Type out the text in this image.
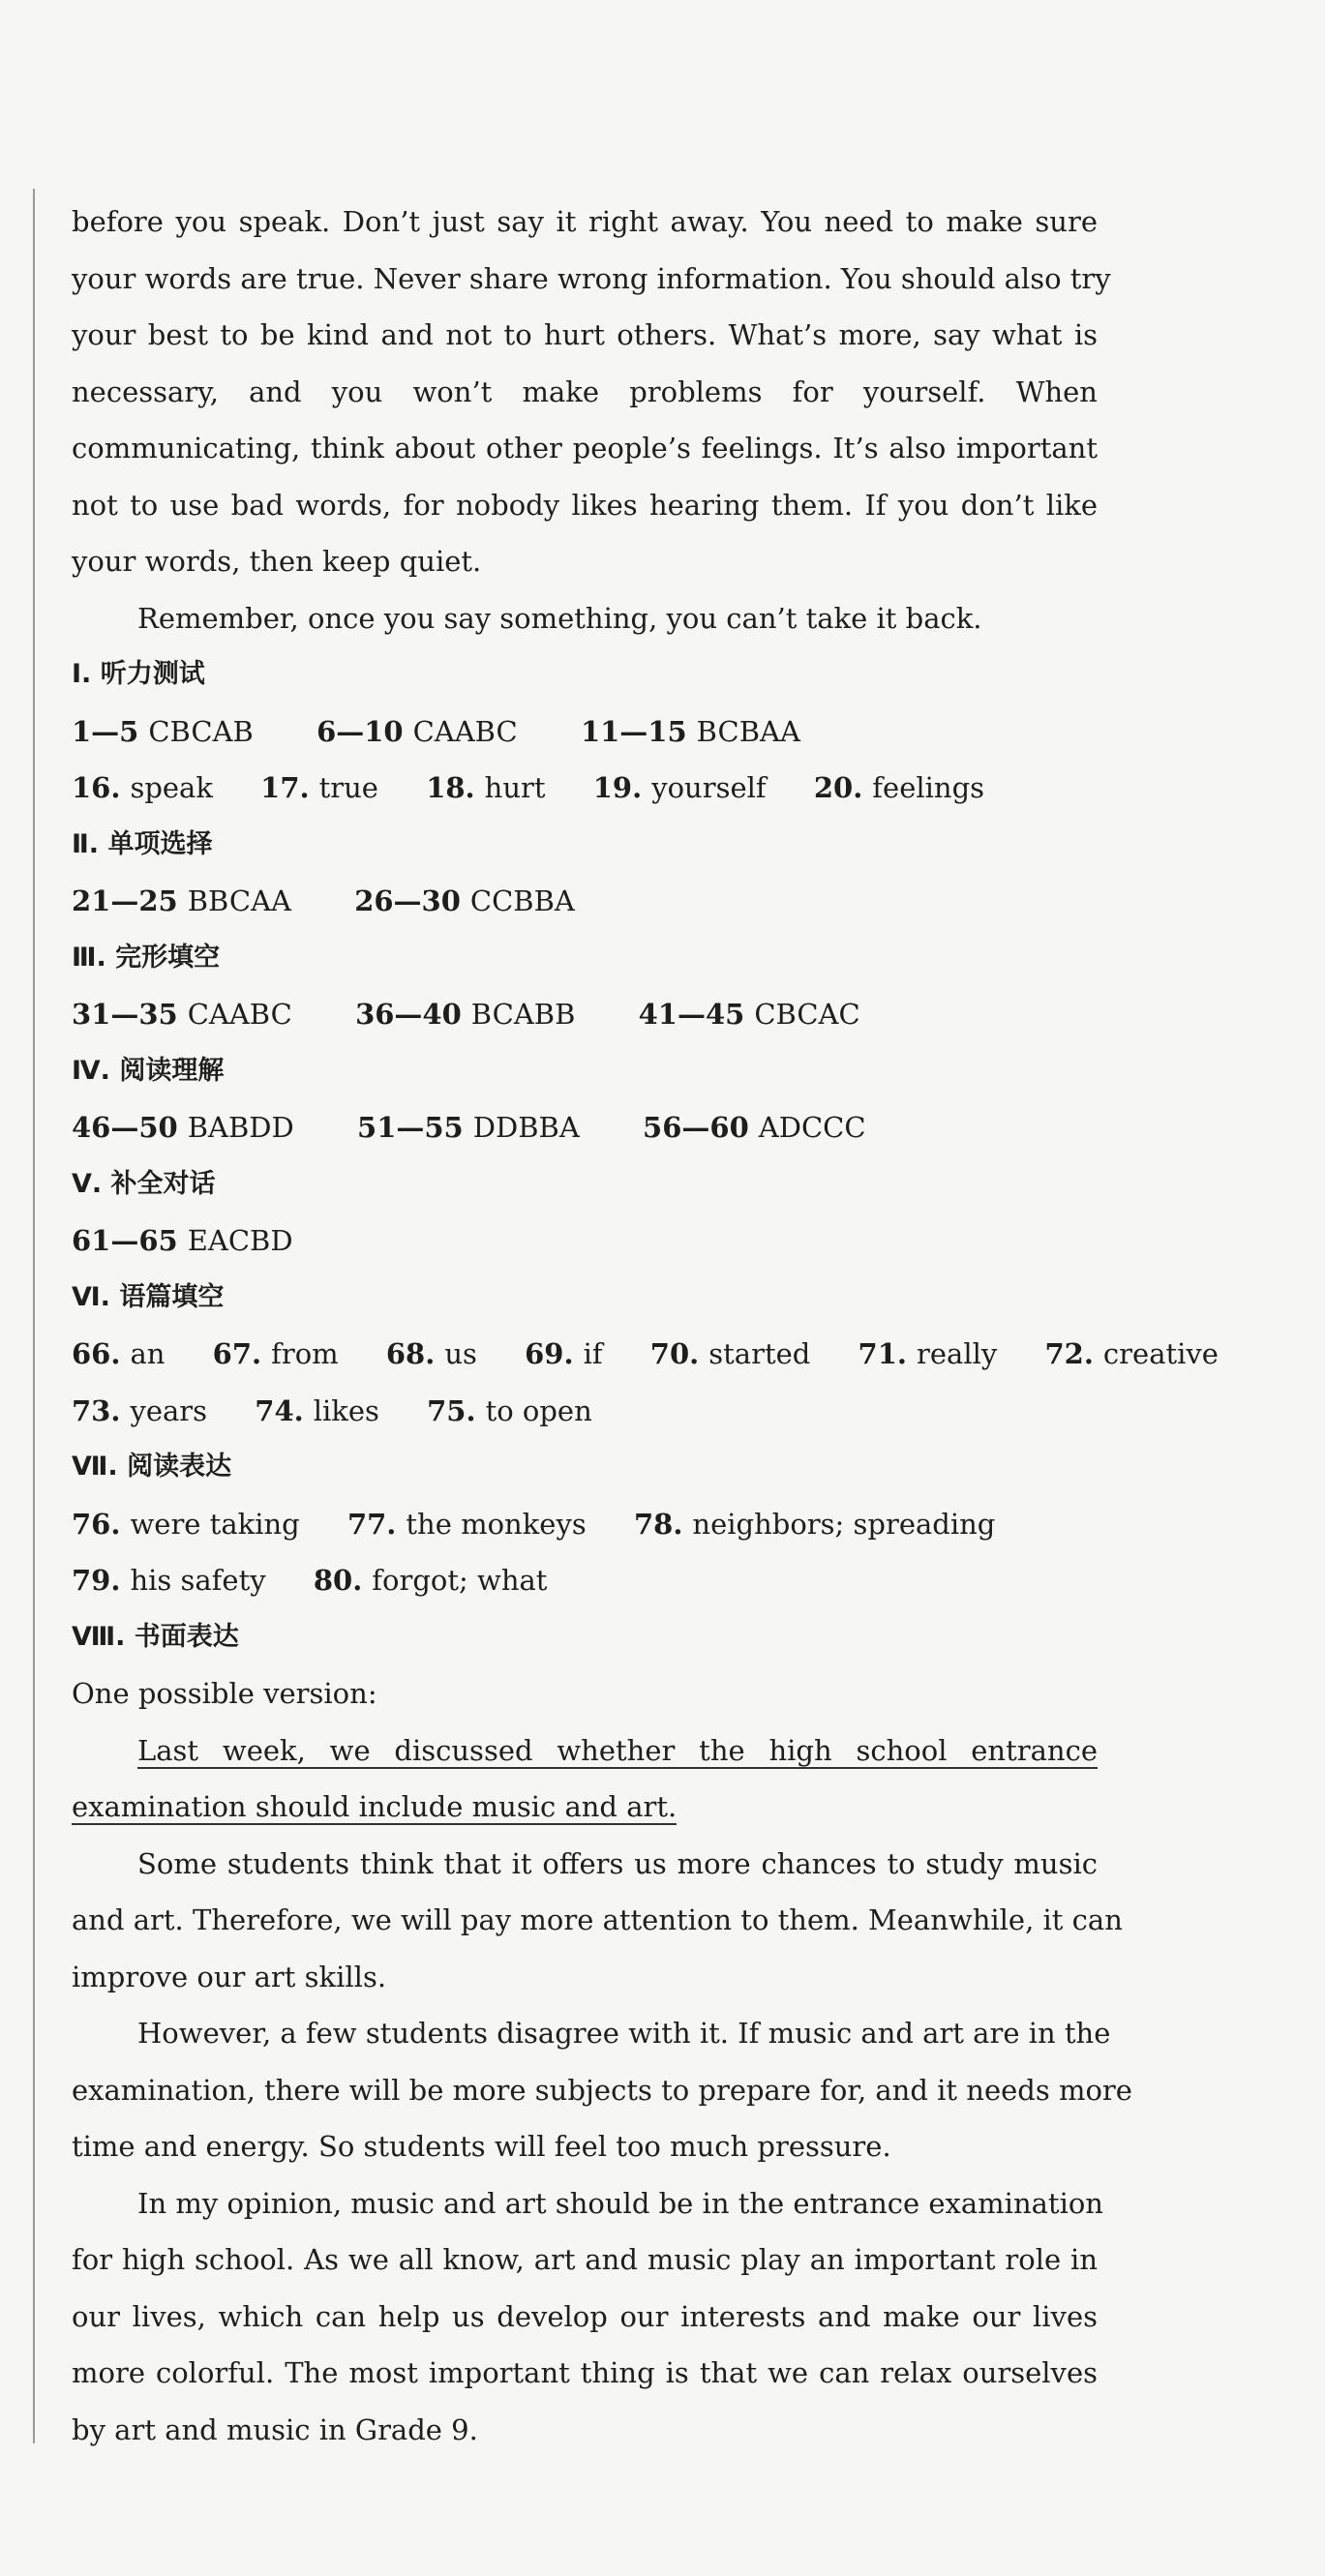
before you speak. Don’t just say it right away. You need to make sure
your words are true. Never share wrong information. You should also try
your best to be kind and not to hurt others. What’s more, say what is
necessary, and you won’t make problems for yourself. When
communicating, think about other people’s feelings. It’s also important
not to use bad words, for nobody likes hearing them. If you don’t like
your words, then keep quiet.
Remember, once you say something, you can’t take it back.
Ⅰ. 听力测试
1—5 CBCAB 6—10 CAABC 11—15 BCBAA
16. speak 17. true 18. hurt 19. yourself 20. feelings
Ⅱ. 单项选择
21—25 BBCAA 26—30 CCBBA
Ⅲ. 完形填空
31—35 CAABC 36—40 BCABB 41—45 CBCAC
Ⅳ. 阅读理解
46—50 BABDD 51—55 DDBBA 56—60 ADCCC
Ⅴ. 补全对话
61—65 EACBD
Ⅵ. 语篇填空
66. an 67. from 68. us 69. if 70. started 71. really 72. creative
73. years 74. likes 75. to open
Ⅶ. 阅读表达
76. were taking 77. the monkeys 78. neighbors; spreading
79. his safety 80. forgot; what
Ⅷ. 书面表达
One possible version:
Last week, we discussed whether the high school entrance
examination should include music and art.
Some students think that it offers us more chances to study music
and art. Therefore, we will pay more attention to them. Meanwhile, it can
improve our art skills.
However, a few students disagree with it. If music and art are in the
examination, there will be more subjects to prepare for, and it needs more
time and energy. So students will feel too much pressure.
In my opinion, music and art should be in the entrance examination
for high school. As we all know, art and music play an important role in
our lives, which can help us develop our interests and make our lives
more colorful. The most important thing is that we can relax ourselves
by art and music in Grade 9.
